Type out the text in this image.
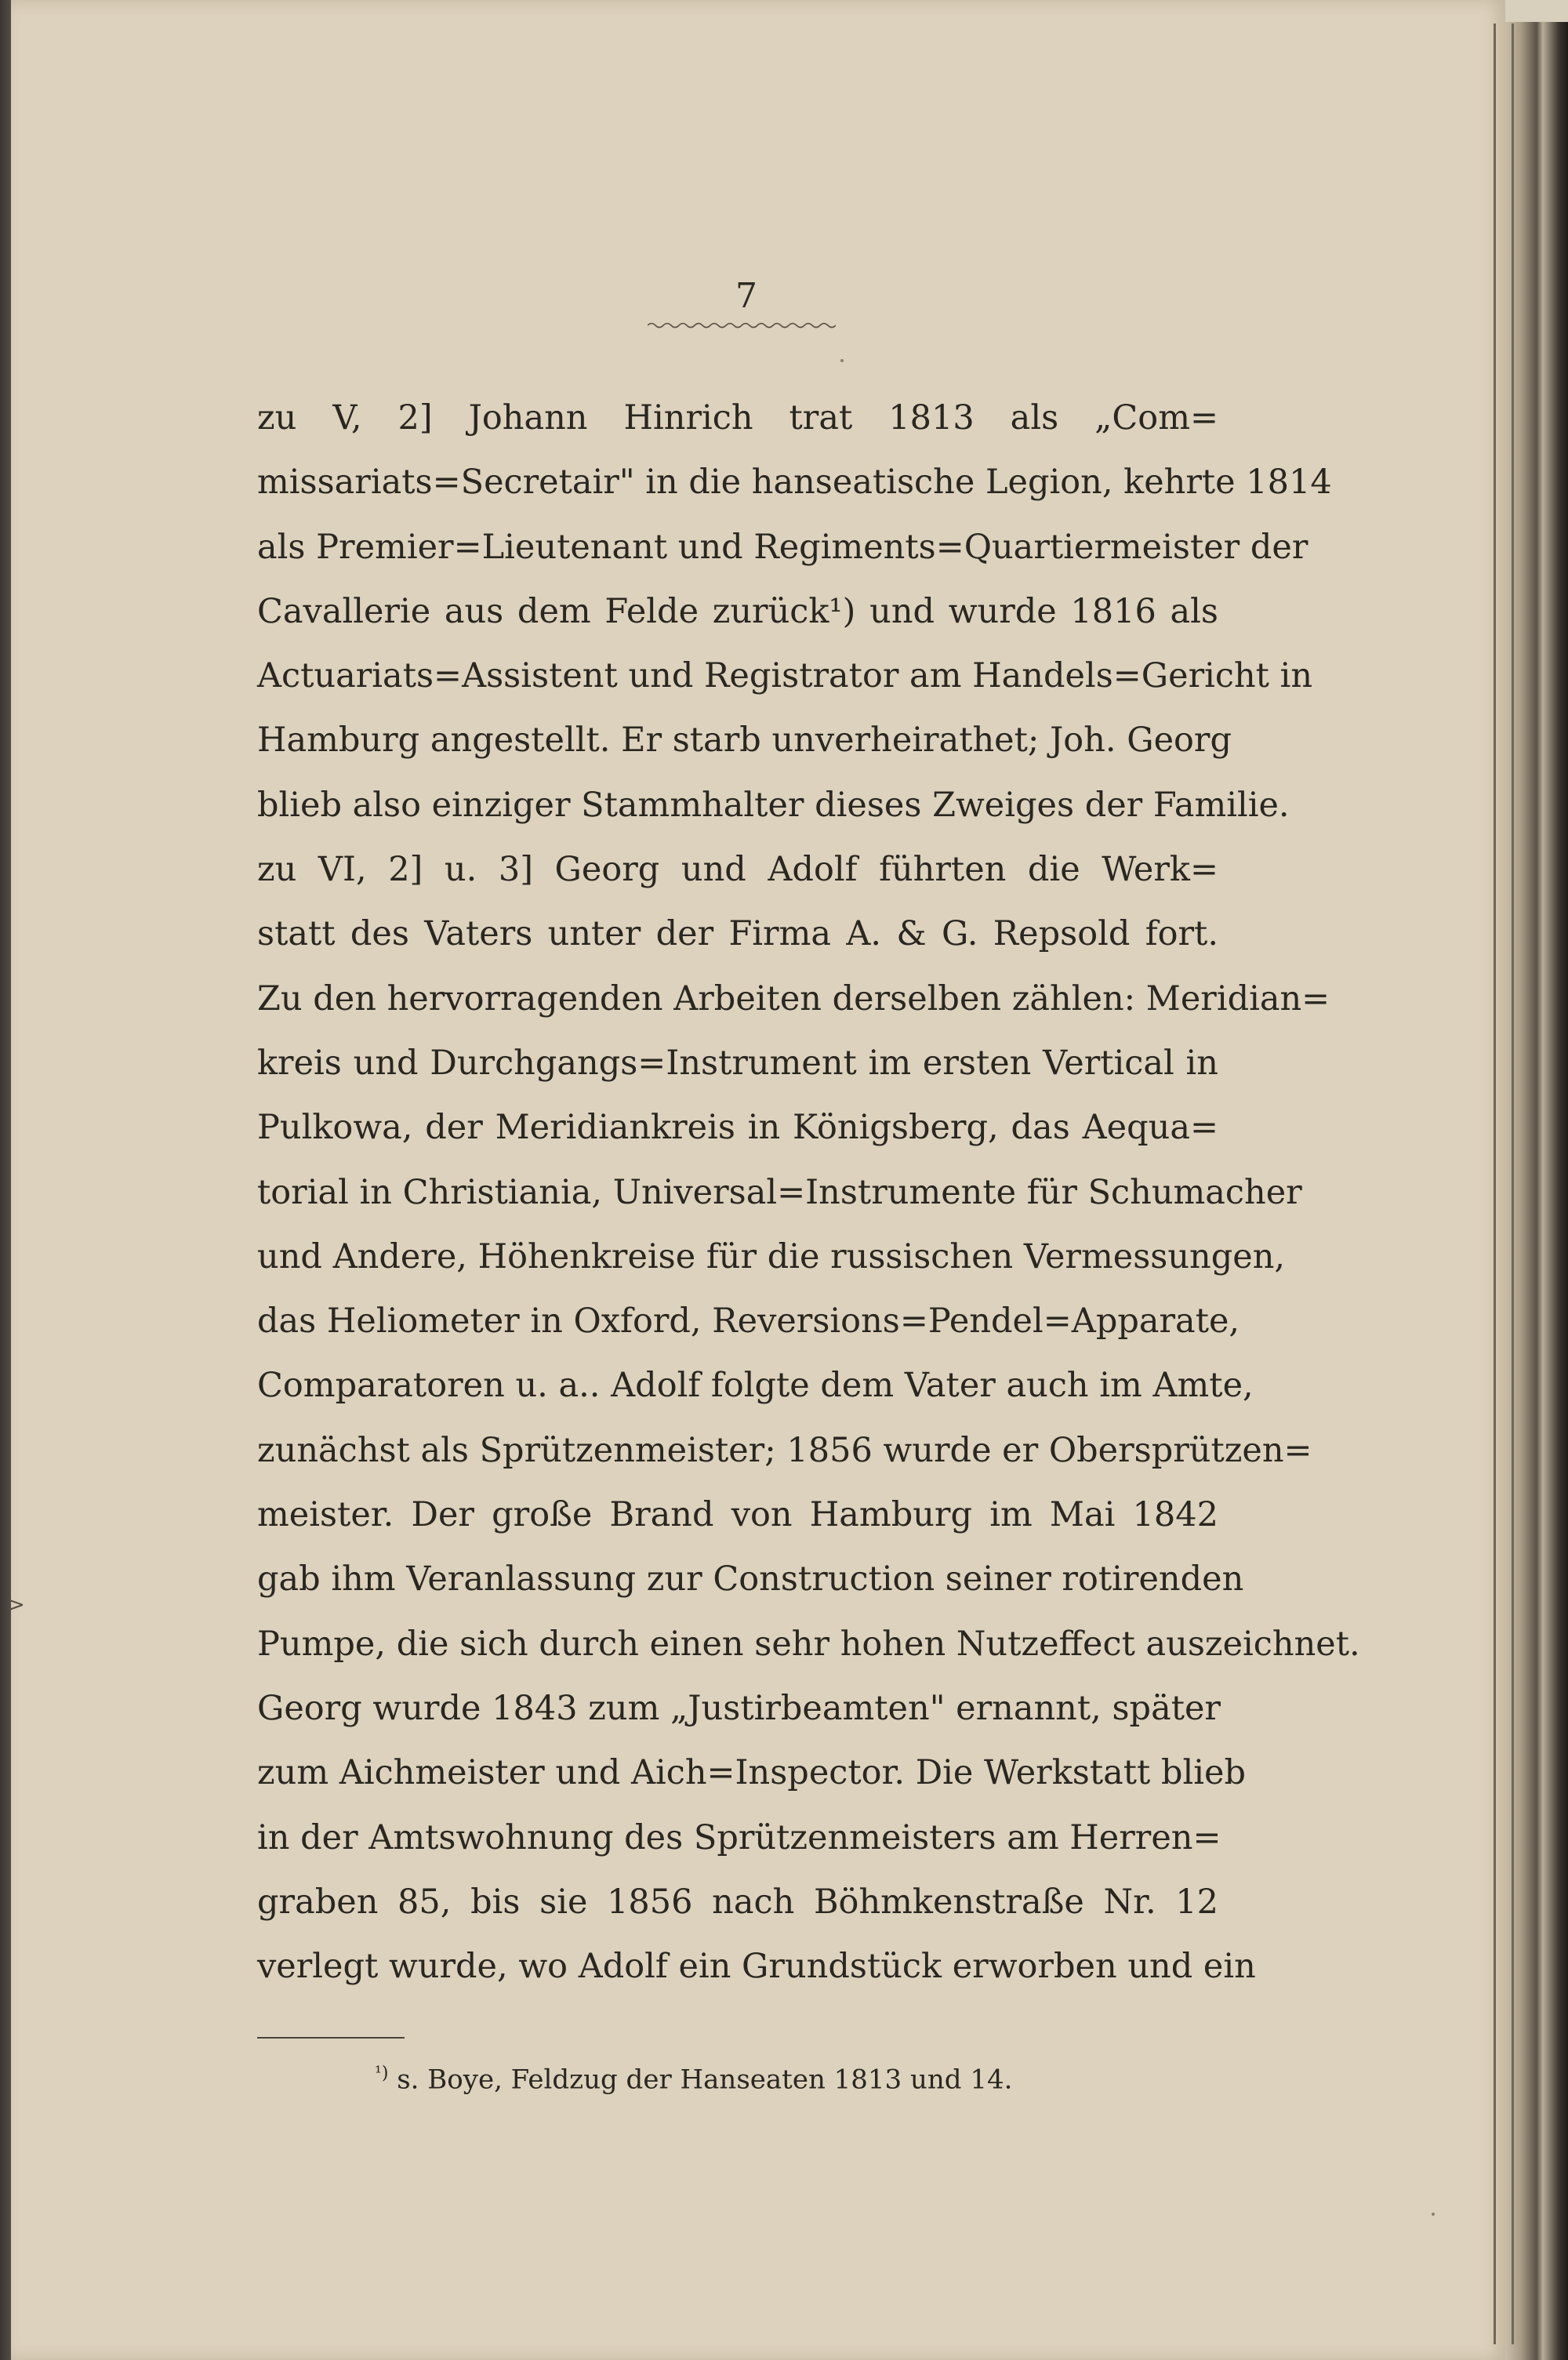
7
zu V, 2] Johann Hinrich trat 1813 als „Com=
missariats=Secretair" in die hanseatische Legion, kehrte 1814
als Premier=Lieutenant und Regiments=Quartiermeister der
Cavallerie aus dem Felde zurück¹) und wurde 1816 als
Actuariats=Assistent und Registrator am Handels=Gericht in
Hamburg angestellt. Er starb unverheirathet; Joh. Georg
blieb also einziger Stammhalter dieses Zweiges der Familie.
zu VI, 2] u. 3] Georg und Adolf führten die Werk=
statt des Vaters unter der Firma A. & G. Repsold fort.
Zu den hervorragenden Arbeiten derselben zählen: Meridian=
kreis und Durchgangs=Instrument im ersten Vertical in
Pulkowa, der Meridiankreis in Königsberg, das Aequa=
torial in Christiania, Universal=Instrumente für Schumacher
und Andere, Höhenkreise für die russischen Vermessungen,
das Heliometer in Oxford, Reversions=Pendel=Apparate,
Comparatoren u. a.. Adolf folgte dem Vater auch im Amte,
zunächst als Sprützenmeister; 1856 wurde er Obersprützen=
meister. Der große Brand von Hamburg im Mai 1842
gab ihm Veranlassung zur Construction seiner rotirenden
Pumpe, die sich durch einen sehr hohen Nutzeffect auszeichnet.
Georg wurde 1843 zum „Justirbeamten" ernannt, später
zum Aichmeister und Aich=Inspector. Die Werkstatt blieb
in der Amtswohnung des Sprützenmeisters am Herren=
graben 85, bis sie 1856 nach Böhmkenstraße Nr. 12
verlegt wurde, wo Adolf ein Grundstück erworben und ein
$^{^1)}$ s. Boye, Feldzug der Hanseaten 1813 und 14.
>
